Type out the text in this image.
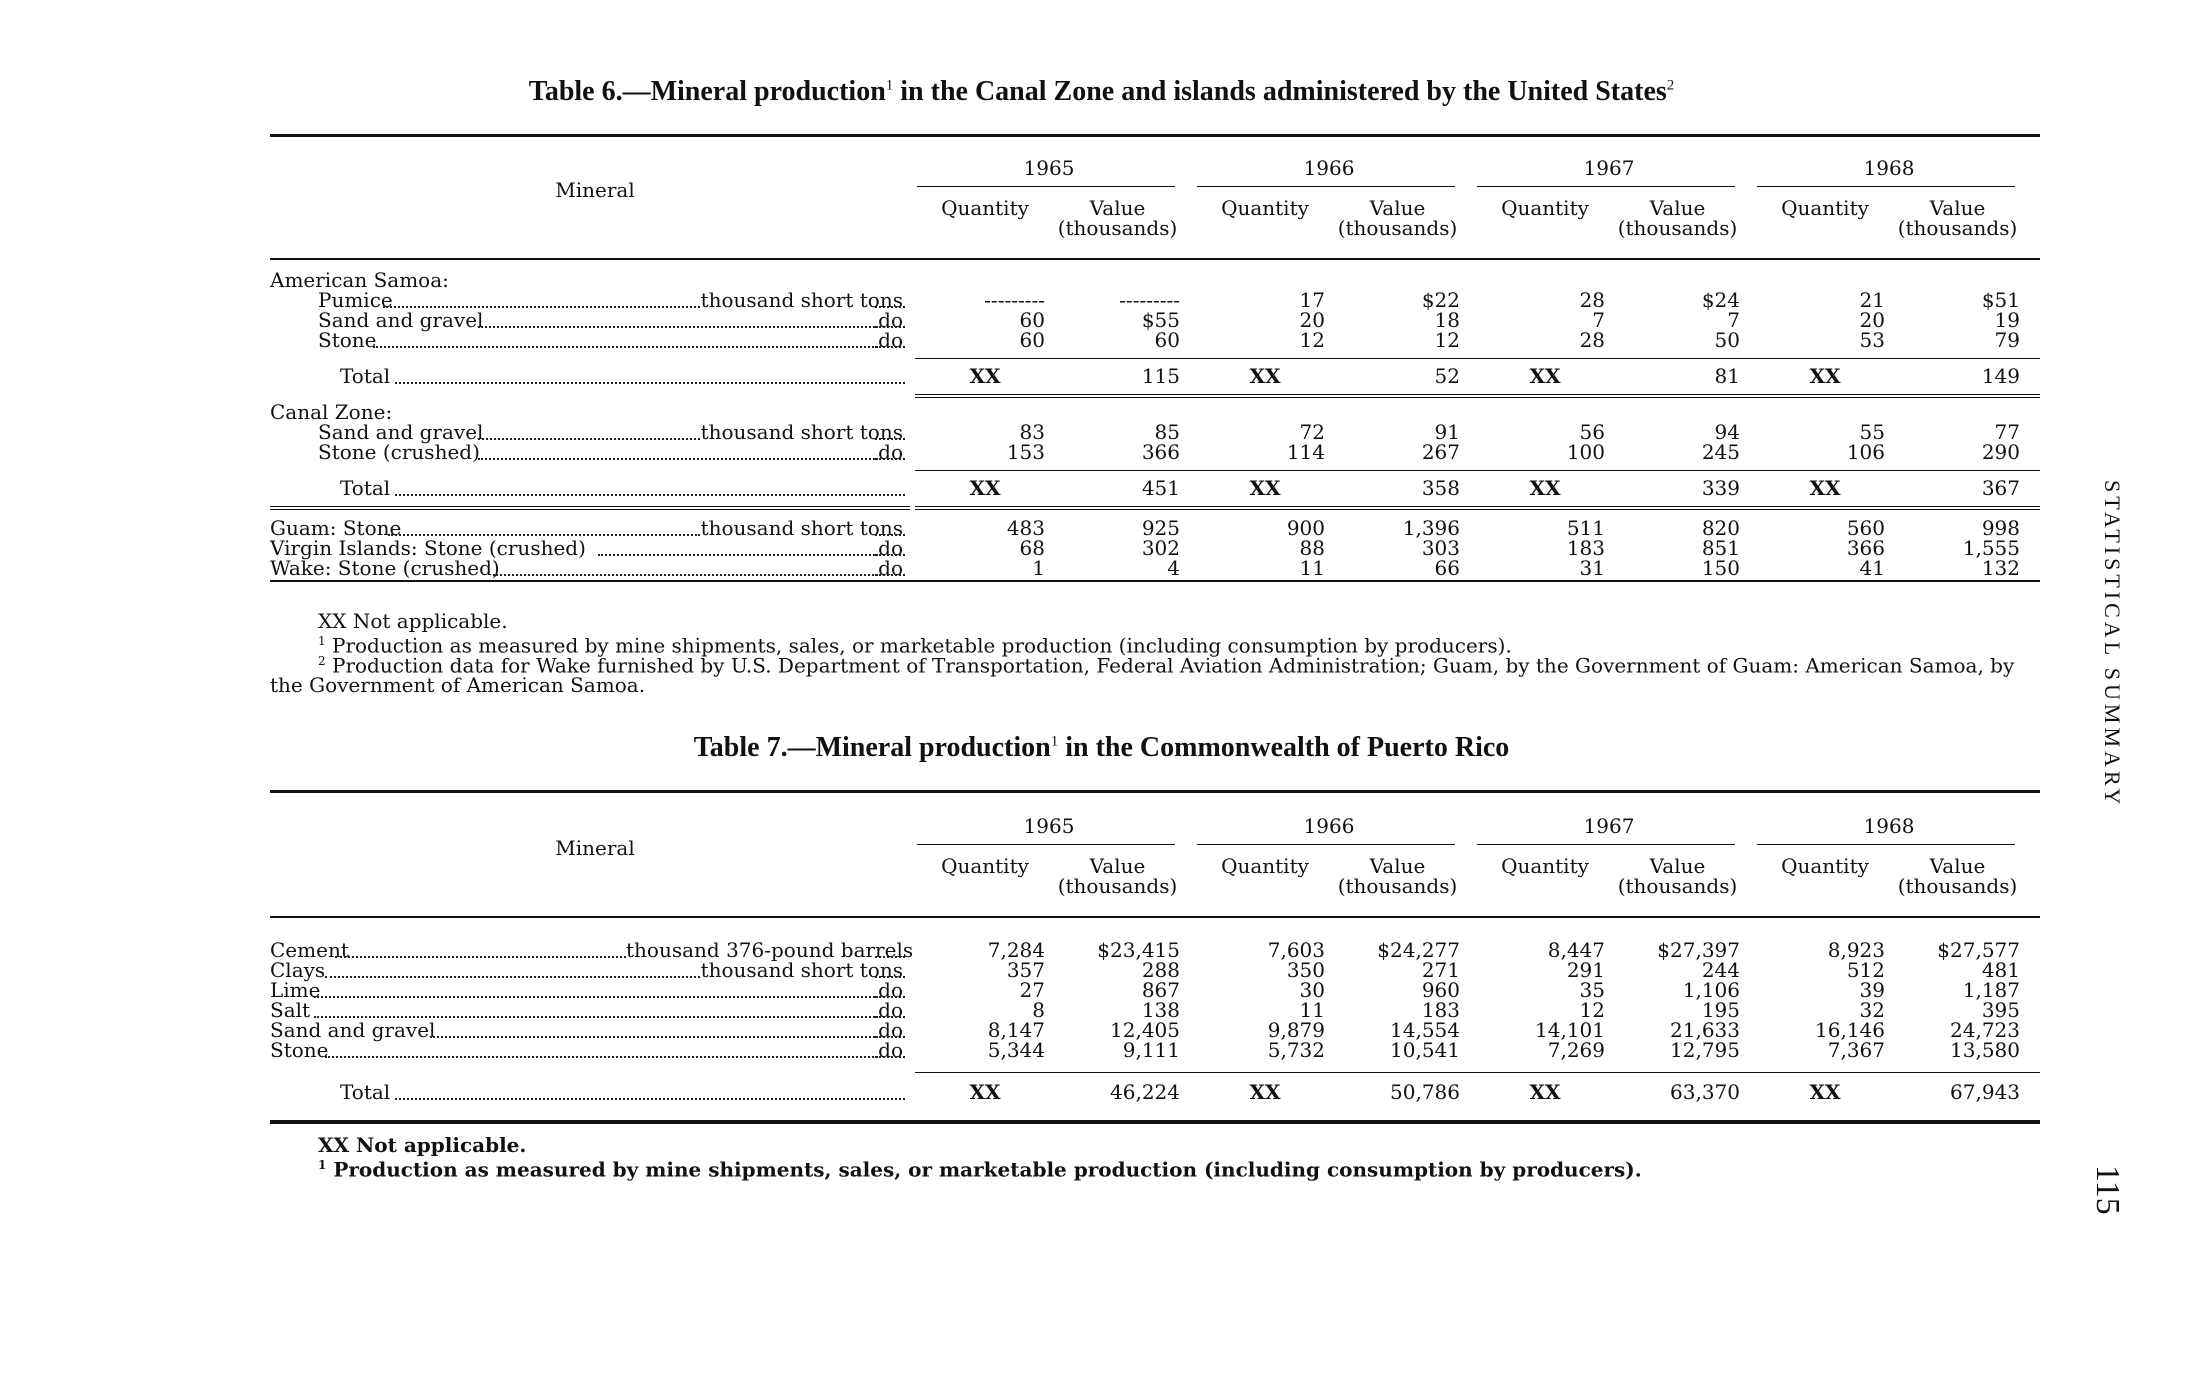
Table 6.—Mineral production$^1$ in the Canal Zone and islands administered by the United States$^2$
Mineral
1965
Quantity	Value
(thousands)
1966
Quantity	Value
(thousands)
1967
Quantity	Value
(thousands)
1968
Quantity	Value
(thousands)
American Samoa:
Pumice	thousand short tons	---------	---------	17	$22	28	$24	21	$51
Sand and gravel	do	60	$55	20	18	7	7	20	19
Stone	do	60	60	12	12	28	50	53	79
Total	XX	115	XX	52	XX	81	XX	149
Canal Zone:
Sand and gravel	thousand short tons	83	85	72	91	56	94	55	77
Stone (crushed)	do	153	366	114	267	100	245	106	290
Total	XX	451	XX	358	XX	339	XX	367
Guam: Stone	thousand short tons	483	925	900	1,396	511	820	560	998
Virgin Islands: Stone (crushed)	do	68	302	88	303	183	851	366	1,555
Wake: Stone (crushed)	do	1	4	11	66	31	150	41	132
XX Not applicable.
$^1$ Production as measured by mine shipments, sales, or marketable production (including consumption by producers).
$^2$ Production data for Wake furnished by U.S. Department of Transportation, Federal Aviation Administration; Guam, by the Government of Guam: American Samoa, by the Government of American Samoa.
Table 7.—Mineral production$^1$ in the Commonwealth of Puerto Rico
Mineral
1965
Quantity	Value
(thousands)
1966
Quantity	Value
(thousands)
1967
Quantity	Value
(thousands)
1968
Quantity	Value
(thousands)
Cement	thousand 376-pound barrels	7,284	$23,415	7,603	$24,277	8,447	$27,397	8,923	$27,577
Clays	thousand short tons	357	288	350	271	291	244	512	481
Lime	do	27	867	30	960	35	1,106	39	1,187
Salt	do	8	138	11	183	12	195	32	395
Sand and gravel	do	8,147	12,405	9,879	14,554	14,101	21,633	16,146	24,723
Stone	do	5,344	9,111	5,732	10,541	7,269	12,795	7,367	13,580
Total	XX	46,224	XX	50,786	XX	63,370	XX	67,943
XX Not applicable.
$^1$ Production as measured by mine shipments, sales, or marketable production (including consumption by producers).
STATISTICAL SUMMARY
115
